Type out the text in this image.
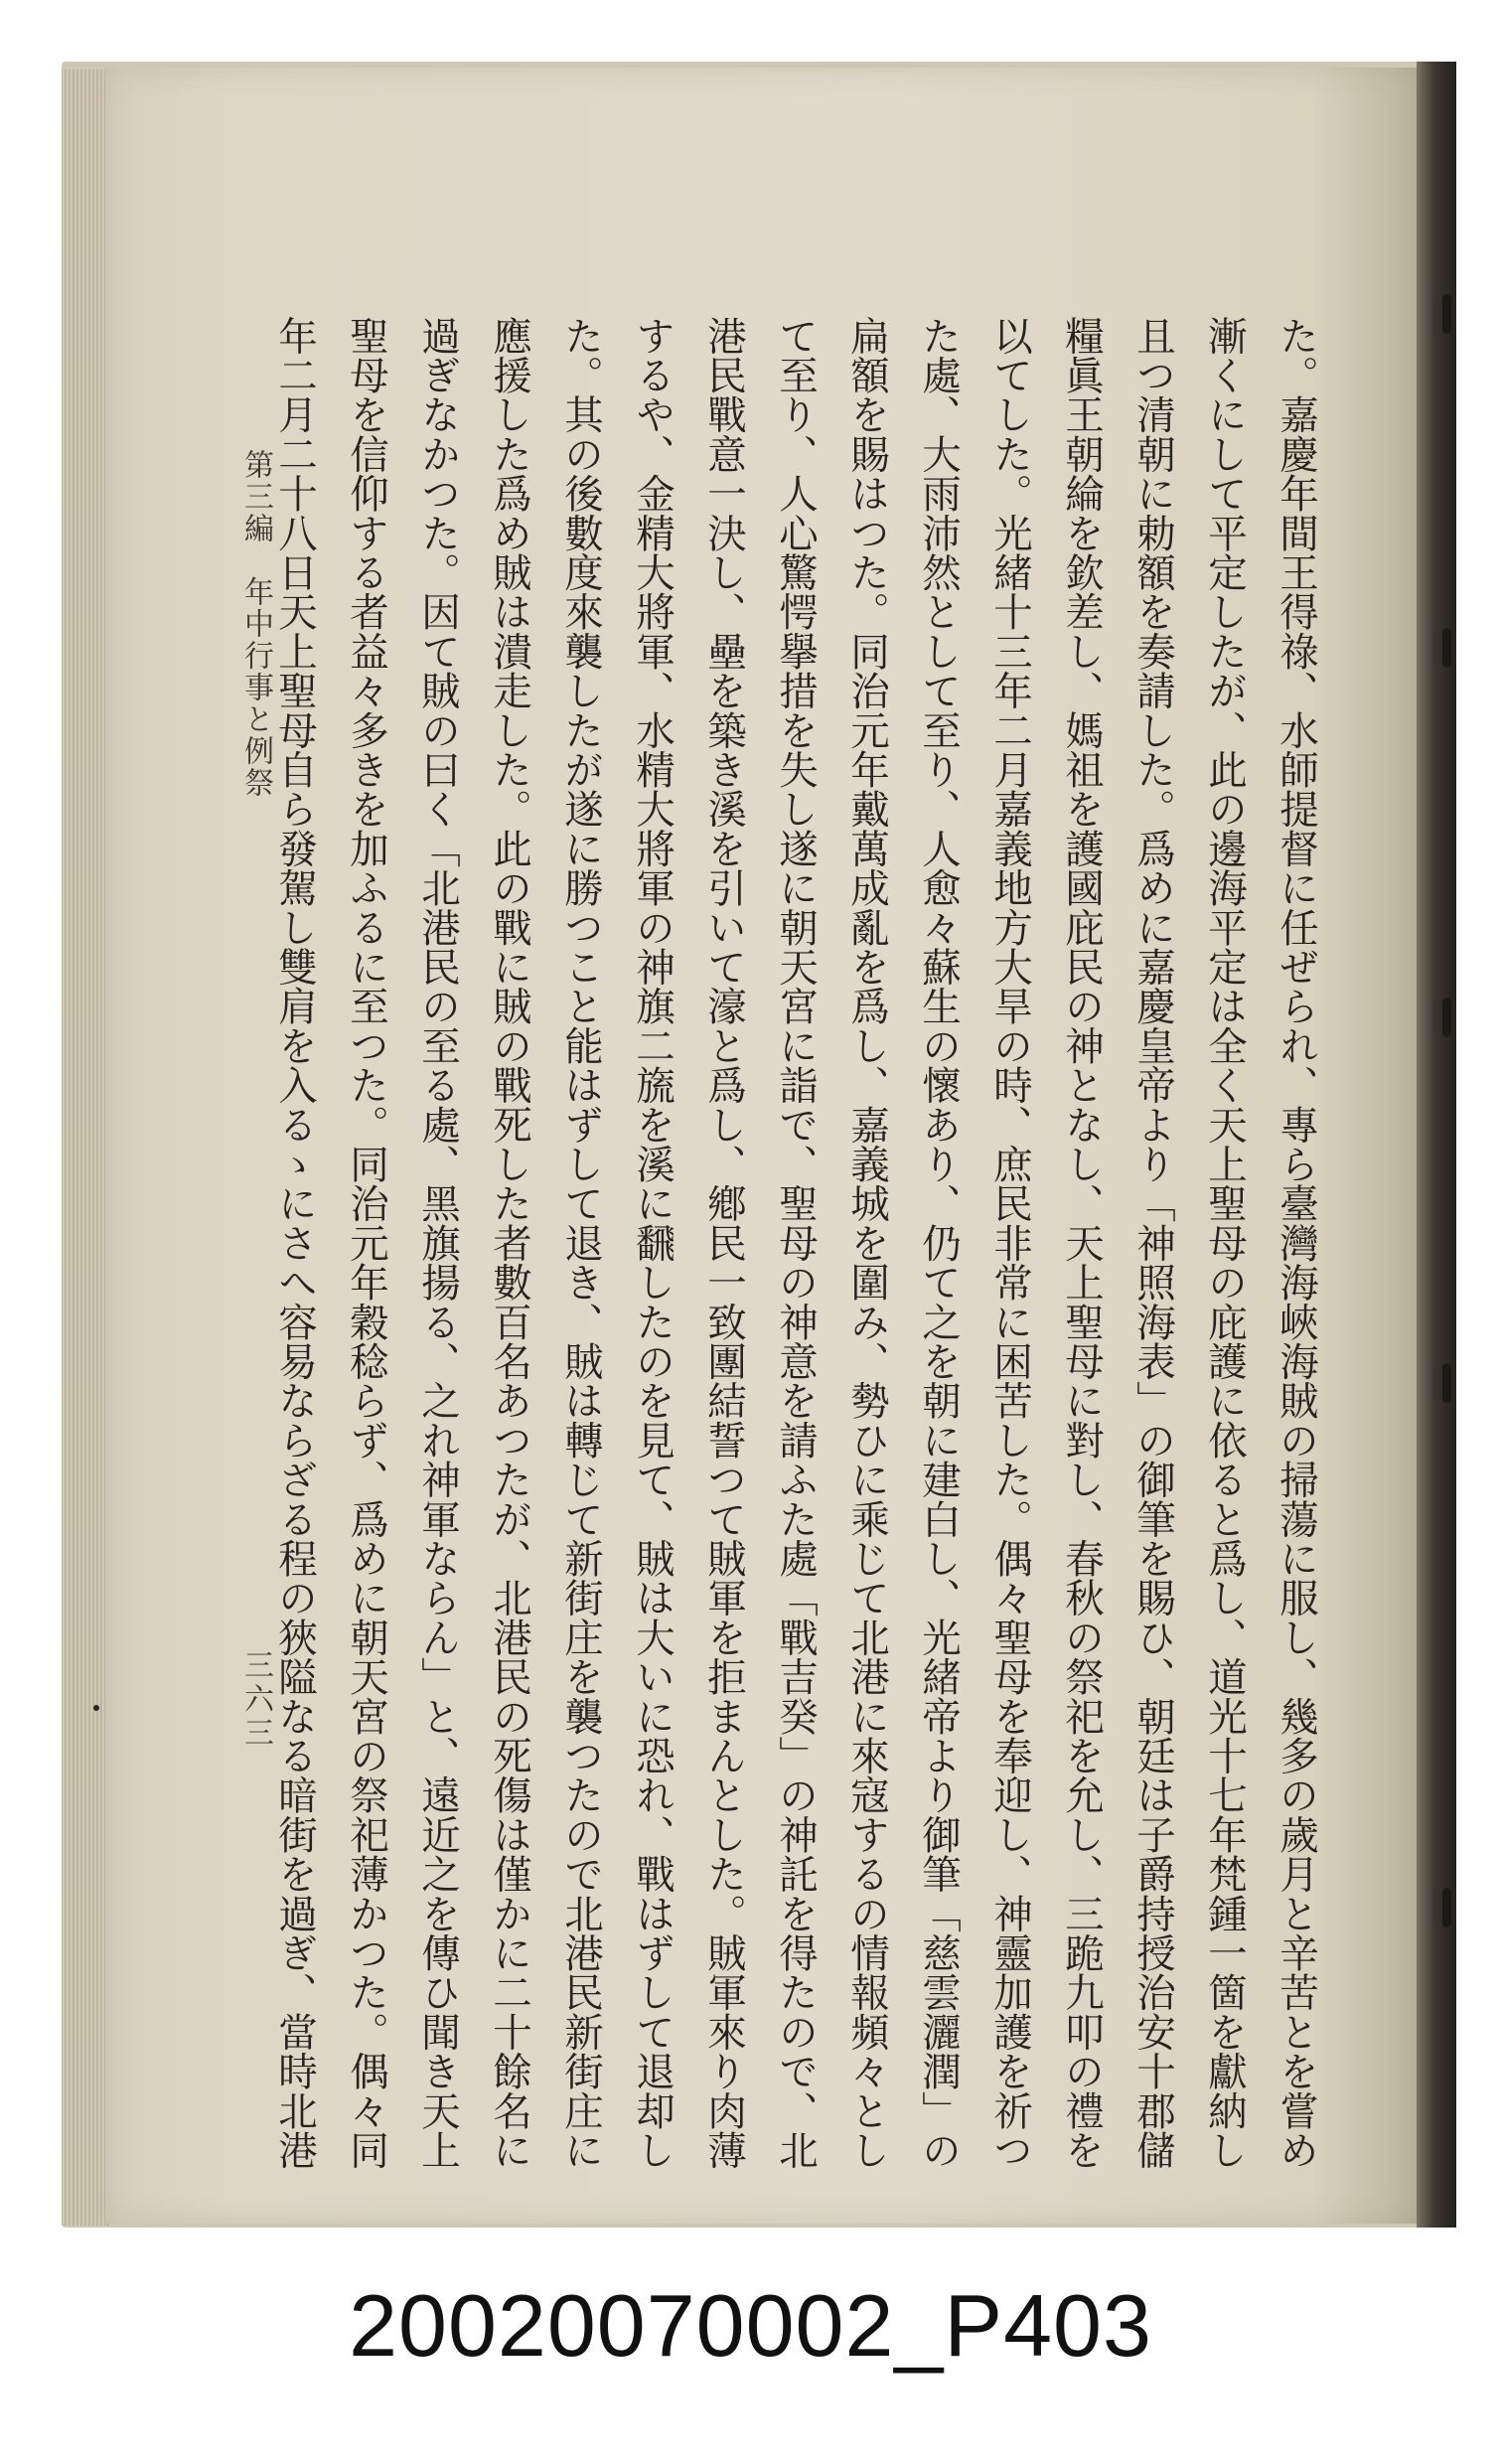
た。嘉慶年間王得祿、水師提督に任ぜられ、專ら臺灣海峽海賊の掃蕩に服し、幾多の歲月と辛苦とを嘗め
漸くにして平定したが、此の邊海平定は全く天上聖母の庇護に依ると爲し、道光十七年梵鍾一箇を獻納し
且つ清朝に勅額を奏請した。爲めに嘉慶皇帝より「神照海表」の御筆を賜ひ、朝廷は子爵持授治安十郡儲
糧眞王朝綸を欽差し、媽祖を護國庇民の神となし、天上聖母に對し、春秋の祭祀を允し、三跪九叩の禮を
以てした。光緒十三年二月嘉義地方大旱の時、庶民非常に困苦した。偶々聖母を奉迎し、神靈加護を祈つ
た處、大雨沛然として至り、人愈々蘇生の懷あり、仍て之を朝に建白し、光緒帝より御筆「慈雲灑潤」の
扁額を賜はつた。同治元年戴萬成亂を爲し、嘉義城を圍み、勢ひに乘じて北港に來寇するの情報頻々とし
て至り、人心驚愕擧措を失し遂に朝天宮に詣で、聖母の神意を請ふた處「戰吉癸」の神託を得たので、北
港民戰意一決し、壘を築き溪を引いて濠と爲し、鄕民一致團結誓つて賊軍を拒まんとした。賊軍來り肉薄
するや、金精大將軍、水精大將軍の神旗二旒を溪に飜したのを見て、賊は大いに恐れ、戰はずして退却し
た。其の後數度來襲したが遂に勝つこと能はずして退き、賊は轉じて新街庄を襲つたので北港民新街庄に
應援した爲め賊は潰走した。此の戰に賊の戰死した者數百名あつたが、北港民の死傷は僅かに二十餘名に
過ぎなかつた。因て賊の曰く「北港民の至る處、黑旗揚る、之れ神軍ならん」と、遠近之を傳ひ聞き天上
聖母を信仰する者益々多きを加ふるに至つた。同治元年穀稔らず、爲めに朝天宮の祭祀薄かつた。偶々同
年二月二十八日天上聖母自ら發駕し雙肩を入るゝにさへ容易ならざる程の狹隘なる暗街を過ぎ、當時北港
第三編　年中行事と例祭
三六三
20020070002_P403
